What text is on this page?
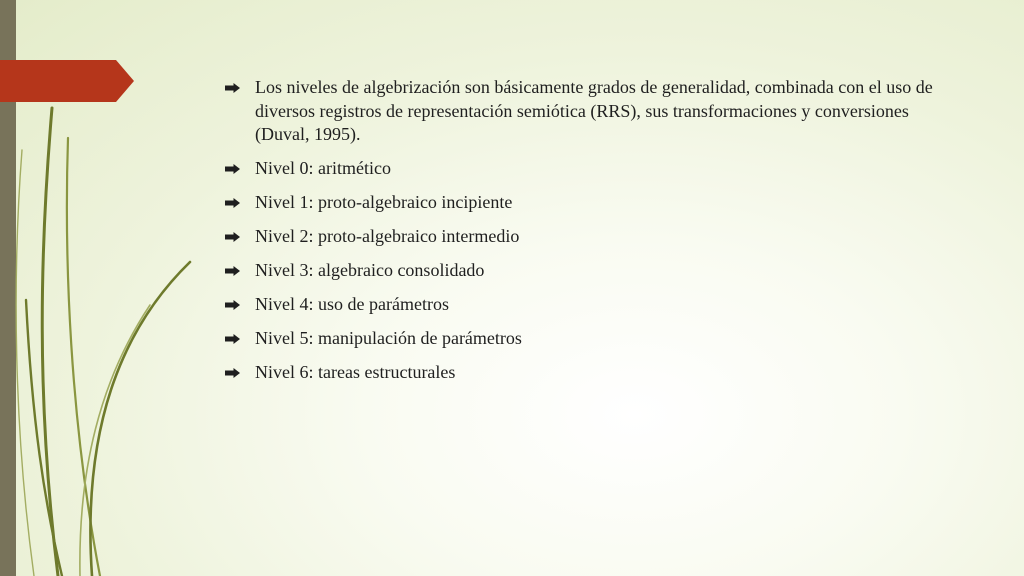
Los niveles de algebrización son básicamente grados de generalidad, combinada con el uso de diversos registros de representación semiótica (RRS), sus transformaciones y conversiones (Duval, 1995).
Nivel 0: aritmético
Nivel 1: proto-algebraico incipiente
Nivel 2: proto-algebraico intermedio
Nivel 3: algebraico consolidado
Nivel 4: uso de parámetros
Nivel 5: manipulación de parámetros
Nivel 6: tareas estructurales
